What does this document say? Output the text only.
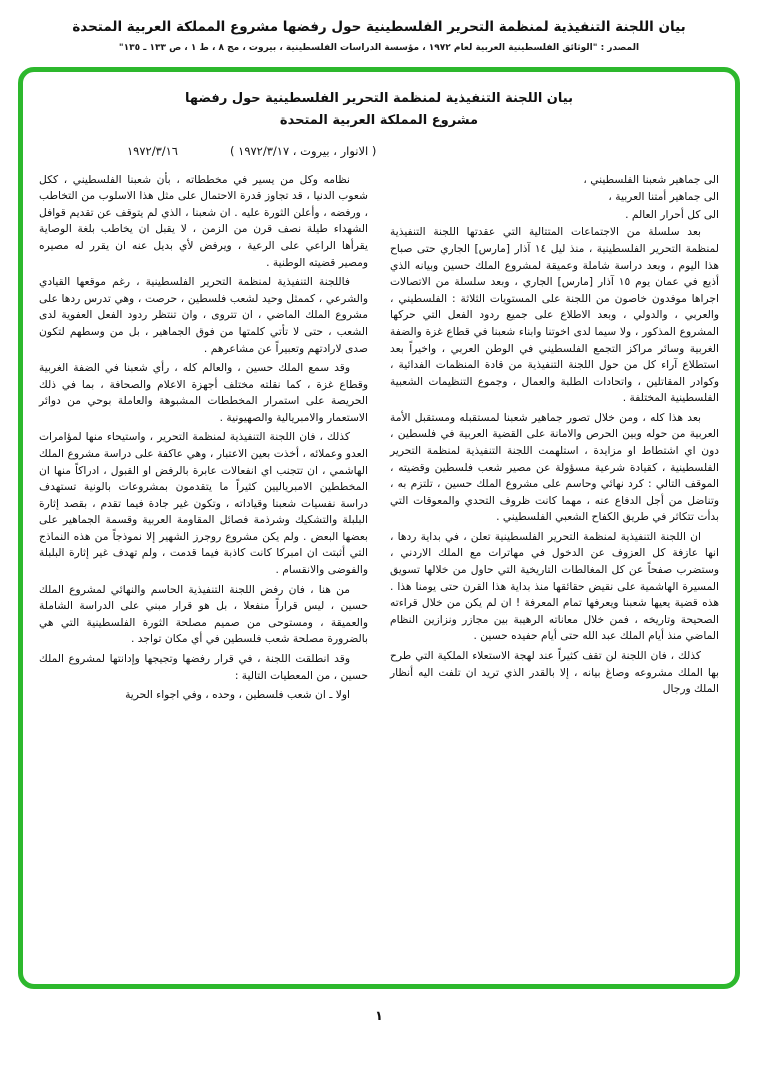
بيان اللجنة التنفيذية لمنظمة التحرير الفلسطينية حول رفضها مشروع المملكة العربية المتحدة
المصدر : "الوثائق الفلسطينية العربية لعام ١٩٧٢ ، مؤسسة الدراسات الفلسطينية ، بيروت ، مج ٨ ، ط ١ ، ص ١٣٣ ـ ١٣٥"
بيان اللجنة التنفيذية لمنظمة التحرير الفلسطينية حول رفضها
مشروع المملكة العربية المتحدة
١٩٧٢/٣/١٦	( الانوار ، بيروت ، ١٩٧٢/٣/١٧ )

الى جماهير شعبنا الفلسطيني ،

الى جماهير أمتنا العربية ،

الى كل أحرار العالم .

بعد سلسلة من الاجتماعات المتتالية التي عقدتها اللجنة التنفيذية لمنظمة التحرير الفلسطينية ، منذ ليل ١٤ آذار [مارس] الجاري حتى صباح هذا اليوم ، وبعد دراسة شاملة وعميقة لمشروع الملك حسين وبيانه الذي أذيع في عمان يوم ١٥ آذار [مارس] الجاري ، وبعد سلسلة من الاتصالات اجراها موفدون خاصون من اللجنة على المستويات الثلاثة : الفلسطيني ، والعربي ، والدولي ، وبعد الاطلاع على جميع ردود الفعل التي حركها المشروع المذكور ، ولا سيما لدى اخوتنا وابناء شعبنا في قطاع غزة والضفة الغربية وسائر مراكز التجمع الفلسطيني في الوطن العربي ، واخيراً بعد استطلاع آراء كل من حول اللجنة التنفيذية من قادة المنظمات الفدائية ، وكوادر المقاتلين ، واتحادات الطلبة والعمال ، وجموع التنظيمات الشعبية الفلسطينية المختلفة .

بعد هذا كله ، ومن خلال تصور جماهير شعبنا لمستقبله ومستقبل الأمة العربية من حوله وبين الحرص والامانة على القضية العربية في فلسطين ، دون اي اشتطاط او مزايدة ، استلهمت اللجنة التنفيذية لمنظمة التحرير الفلسطينية ، كقيادة شرعية مسؤولة عن مصير شعب فلسطين وقضيته ، الموقف التالي : كرد نهائي وحاسم على مشروع الملك حسين ، تلتزم به ، وتناضل من أجل الدفاع عنه ، مهما كانت ظروف التحدي والمعوقات التي بدأت تتكاثر في طريق الكفاح الشعبي الفلسطيني .

ان اللجنة التنفيذية لمنظمة التحرير الفلسطينية تعلن ، في بداية ردها ، انها عازفة كل العزوف عن الدخول في مهاترات مع الملك الاردني ، وستضرب صفحاً عن كل المغالطات التاريخية التي حاول من خلالها تسويق المسيرة الهاشمية على نقيض حقائقها منذ بداية هذا القرن حتى يومنا هذا . هذه قضية يعيها شعبنا ويعرفها تمام المعرفة ! ان لم يكن من خلال قراءته الصحيحة وتاريخه ، فمن خلال معاناته الرهيبة بين مجازر ونزازين النظام الماضي منذ أيام الملك عبد الله حتى أيام حفيده حسين .

كذلك ، فان اللجنة لن تقف كثيراً عند لهجة الاستعلاء الملكية التي طرح بها الملك مشروعه وصاغ بيانه ، إلا بالقدر الذي تريد ان تلفت اليه أنظار الملك ورجال

نظامه وكل من يسير في مخططاته ، بأن شعبنا الفلسطيني ، ككل شعوب الدنيا ، قد تجاوز قدرة الاحتمال على مثل هذا الاسلوب من التخاطب ، ورفضه ، وأعلن الثورة عليه . ان شعبنا ، الذي لم يتوقف عن تقديم قوافل الشهداء طيلة نصف قرن من الزمن ، لا يقبل ان يخاطب بلغة الوصاية يقرأها الراعي على الرعية ، ويرفض لأي بديل عنه ان يقرر له مصيره ومصير قضيته الوطنية .

فاللجنة التنفيذية لمنظمة التحرير الفلسطينية ، رغم موقعها القيادي والشرعي ، كممثل وحيد لشعب فلسطين ، حرصت ، وهي تدرس ردها على مشروع الملك الماضي ، ان تتروى ، وان تنتظر ردود الفعل العفوية لدى الشعب ، حتى لا تأتي كلمتها من فوق الجماهير ، بل من وسطهم لتكون صدى لارادتهم وتعبيراً عن مشاعرهم .

وقد سمع الملك حسين ، والعالم كله ، رأي شعبنا في الضفة الغربية وقطاع غزة ، كما نقلته مختلف أجهزة الاعلام والصحافة ، بما في ذلك الحريصة على استمرار المخططات المشبوهة والعاملة بوحي من دوائر الاستعمار والامبريالية والصهيونية .

كذلك ، فان اللجنة التنفيذية لمنظمة التحرير ، واستيحاء منها لمؤامرات العدو وعملائه ، أخذت بعين الاعتبار ، وهي عاكفة على دراسة مشروع الملك الهاشمي ، ان تتجنب اي انفعالات عابرة بالرفض او القبول ، ادراكاً منها ان المخططين الامبرياليين كثيراً ما يتقدمون بمشروعات بالونية تستهدف دراسة نفسيات شعبنا وقياداته ، وتكون غير جادة فيما تقدم ، بقصد إثارة البلبلة والتشكيك وشرذمة فصائل المقاومة العربية وقسمة الجماهير على بعضها البعض . ولم يكن مشروع روجرز الشهير إلا نموذجاً من هذه النماذج التي أثبتت ان امبركا كانت كاذبة فيما قدمت ، ولم تهدف غير إثارة البلبلة والفوضى والانقسام .

من هنا ، فان رفض اللجنة التنفيذية الحاسم والنهائي لمشروع الملك حسين ، ليس قراراً منفعلا ، بل هو قرار مبني على الدراسة الشاملة والعميقة ، ومستوحى من صميم مصلحة الثورة الفلسطينية التي هي بالضرورة مصلحة شعب فلسطين في أي مكان تواجد .

وقد انطلقت اللجنة ، في قرار رفضها وتجيجها وإدانتها لمشروع الملك حسين ، من المعطيات التالية :

اولا ـ ان شعب فلسطين ، وحده ، وفي اجواء الحرية

١
